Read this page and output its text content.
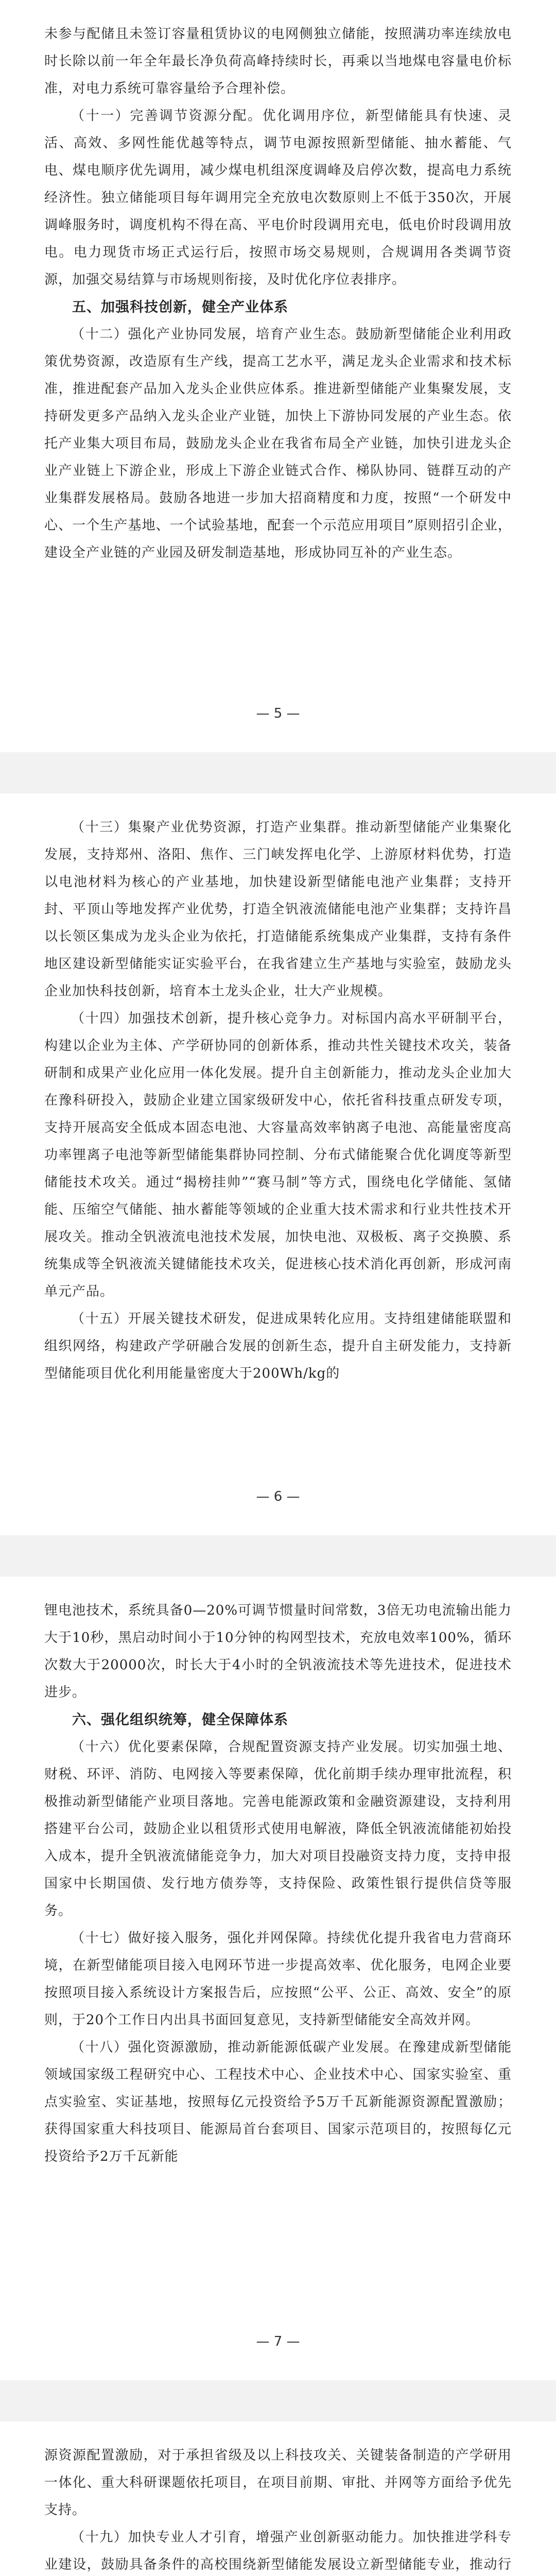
未参与配储且未签订容量租赁协议的电网侧独立储能，按照满功率连续放电时长除以前一年全年最长净负荷高峰持续时长，再乘以当地煤电容量电价标准，对电力系统可靠容量给予合理补偿。

（十一）完善调节资源分配。优化调用序位，新型储能具有快速、灵活、高效、多网性能优越等特点，调节电源按照新型储能、抽水蓄能、气电、煤电顺序优先调用，减少煤电机组深度调峰及启停次数，提高电力系统经济性。独立储能项目每年调用完全充放电次数原则上不低于350次，开展调峰服务时，调度机构不得在高、平电价时段调用充电，低电价时段调用放电。电力现货市场正式运行后，按照市场交易规则，合规调用各类调节资源，加强交易结算与市场规则衔接，及时优化序位表排序。

五、加强科技创新，健全产业体系

（十二）强化产业协同发展，培育产业生态。鼓励新型储能企业利用政策优势资源，改造原有生产线，提高工艺水平，满足龙头企业需求和技术标准，推进配套产品加入龙头企业供应体系。推进新型储能产业集聚发展，支持研发更多产品纳入龙头企业产业链，加快上下游协同发展的产业生态。依托产业集大项目布局，鼓励龙头企业在我省布局全产业链，加快引进龙头企业产业链上下游企业，形成上下游企业链式合作、梯队协同、链群互动的产业集群发展格局。鼓励各地进一步加大招商精度和力度，按照“一个研发中心、一个生产基地、一个试验基地，配套一个示范应用项目”原则招引企业，建设全产业链的产业园及研发制造基地，形成协同互补的产业生态。

— 5 —

（十三）集聚产业优势资源，打造产业集群。推动新型储能产业集聚化发展，支持郑州、洛阳、焦作、三门峡发挥电化学、上游原材料优势，打造以电池材料为核心的产业基地，加快建设新型储能电池产业集群；支持开封、平顶山等地发挥产业优势，打造全钒液流储能电池产业集群；支持许昌以长领区集成为龙头企业为依托，打造储能系统集成产业集群，支持有条件地区建设新型储能实证实验平台，在我省建立生产基地与实验室，鼓励龙头企业加快科技创新，培育本土龙头企业，壮大产业规模。

（十四）加强技术创新，提升核心竞争力。对标国内高水平研制平台，构建以企业为主体、产学研协同的创新体系，推动共性关键技术攻关，装备研制和成果产业化应用一体化发展。提升自主创新能力，推动龙头企业加大在豫科研投入，鼓励企业建立国家级研发中心，依托省科技重点研发专项，支持开展高安全低成本固态电池、大容量高效率钠离子电池、高能量密度高功率锂离子电池等新型储能集群协同控制、分布式储能聚合优化调度等新型储能技术攻关。通过“揭榜挂帅”“赛马制”等方式，围绕电化学储能、氢储能、压缩空气储能、抽水蓄能等领域的企业重大技术需求和行业共性技术开展攻关。推动全钒液流电池技术发展，加快电池、双极板、离子交换膜、系统集成等全钒液流关键储能技术攻关，促进核心技术消化再创新，形成河南单元产品。

（十五）开展关键技术研发，促进成果转化应用。支持组建储能联盟和组织网络，构建政产学研融合发展的创新生态，提升自主研发能力，支持新型储能项目优化利用能量密度大于200Wh/kg的

— 6 —

锂电池技术，系统具备0—20%可调节惯量时间常数，3倍无功电流输出能力大于10秒，黑启动时间小于10分钟的构网型技术，充放电效率100%，循环次数大于20000次，时长大于4小时的全钒液流技术等先进技术，促进技术进步。

六、强化组织统筹，健全保障体系

（十六）优化要素保障，合规配置资源支持产业发展。切实加强土地、财税、环评、消防、电网接入等要素保障，优化前期手续办理审批流程，积极推动新型储能产业项目落地。完善电能源政策和金融资源建设，支持利用搭建平台公司，鼓励企业以租赁形式使用电解液，降低全钒液流储能初始投入成本，提升全钒液流储能竞争力，加大对项目投融资支持力度，支持申报国家中长期国债、发行地方债券等，支持保险、政策性银行提供信贷等服务。

（十七）做好接入服务，强化并网保障。持续优化提升我省电力营商环境，在新型储能项目接入电网环节进一步提高效率、优化服务，电网企业要按照项目接入系统设计方案报告后，应按照“公平、公正、高效、安全”的原则，于20个工作日内出具书面回复意见，支持新型储能安全高效并网。

（十八）强化资源激励，推动新能源低碳产业发展。在豫建成新型储能领域国家级工程研究中心、工程技术中心、企业技术中心、国家实验室、重点实验室、实证基地，按照每亿元投资给予5万千瓦新能源资源配置激励；获得国家重大科技项目、能源局首台套项目、国家示范项目的，按照每亿元投资给予2万千瓦新能

— 7 —

源资源配置激励，对于承担省级及以上科技攻关、关键装备制造的产学研用一体化、重大科研课题依托项目，在项目前期、审批、并网等方面给予优先支持。

（十九）加快专业人才引育，增强产业创新驱动能力。加快推进学科专业建设，鼓励具备条件的高校围绕新型储能发展设立新型储能专业，推动行
